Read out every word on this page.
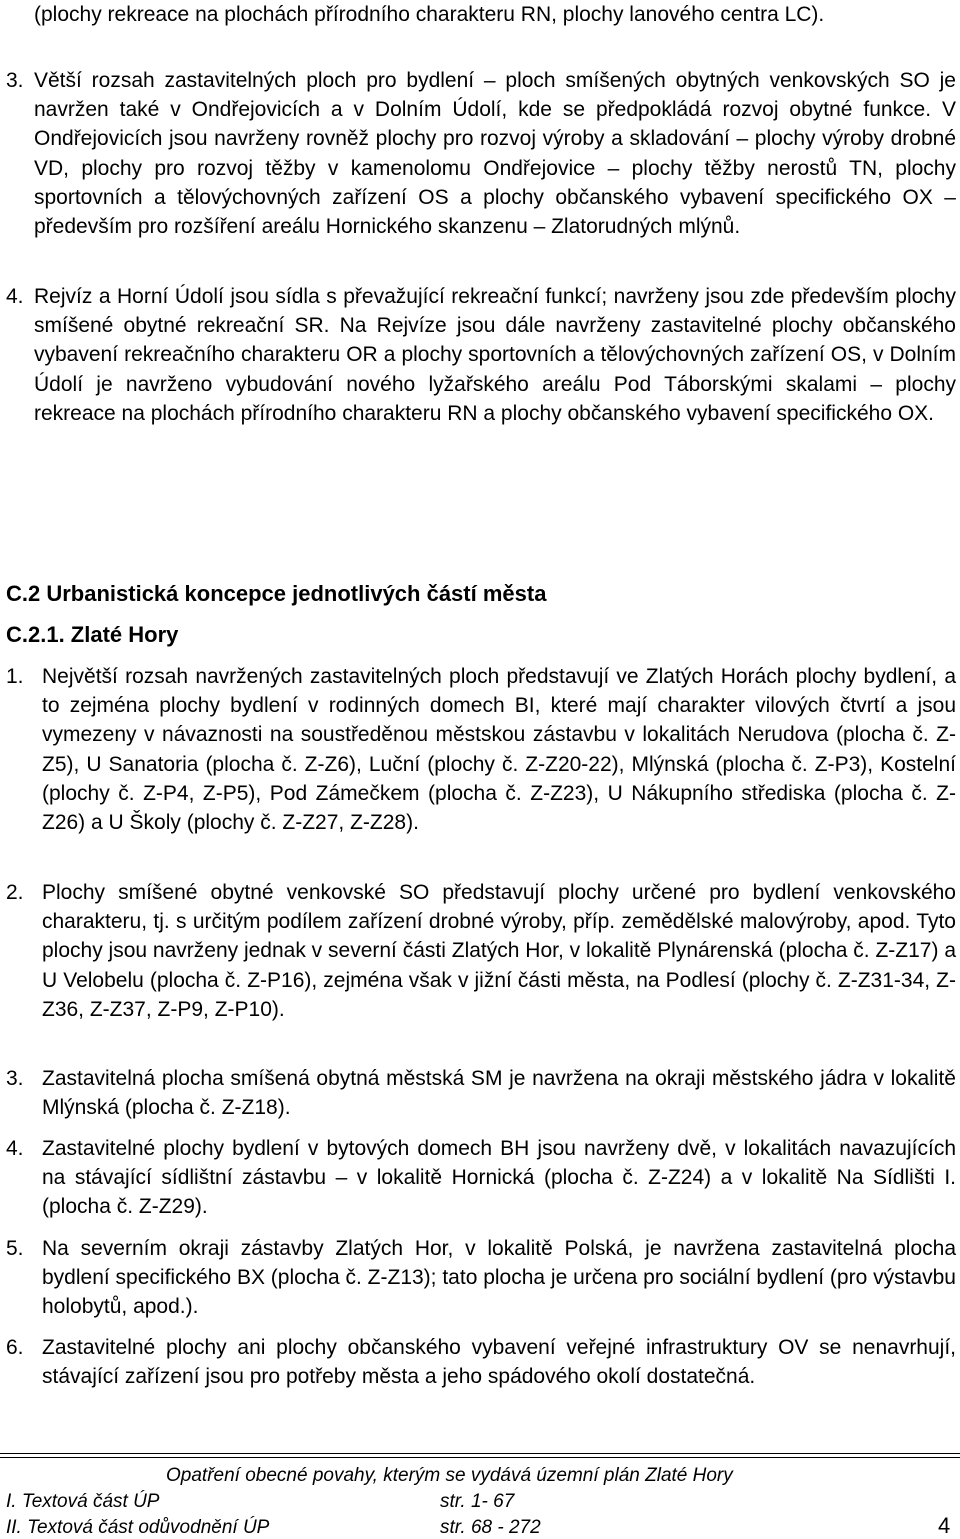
(plochy rekreace na plochách přírodního charakteru RN, plochy lanového centra LC).

3. Větší rozsah zastavitelných ploch pro bydlení – ploch smíšených obytných venkovských SO je navržen také v Ondřejovicích a v Dolním Údolí, kde se předpokládá rozvoj obytné funkce. V Ondřejovicích jsou navrženy rovněž plochy pro rozvoj výroby a skladování – plochy výroby drobné VD, plochy pro rozvoj těžby v kamenolomu Ondřejovice – plochy těžby nerostů TN, plochy sportovních a tělovýchovných zařízení OS a plochy občanského vybavení specifického OX – především pro rozšíření areálu Hornického skanzenu – Zlatorudných mlýnů.
4. Rejvíz a Horní Údolí jsou sídla s převažující rekreační funkcí; navrženy jsou zde především plochy smíšené obytné rekreační SR. Na Rejvíze jsou dále navrženy zastavitelné plochy občanského vybavení rekreačního charakteru OR a plochy sportovních a tělovýchovných zařízení OS, v Dolním Údolí je navrženo vybudování nového lyžařského areálu Pod Táborskými skalami – plochy rekreace na plochách přírodního charakteru RN a plochy občanského vybavení specifického OX.
C.2 Urbanistická koncepce jednotlivých částí města
C.2.1. Zlaté Hory
1. Největší rozsah navržených zastavitelných ploch představují ve Zlatých Horách plochy bydlení, a to zejména plochy bydlení v rodinných domech BI, které mají charakter vilových čtvrtí a jsou vymezeny v návaznosti na soustředěnou městskou zástavbu v lokalitách Nerudova (plocha č. Z-Z5), U Sanatoria (plocha č. Z-Z6), Luční (plochy č. Z-Z20-22), Mlýnská (plocha č. Z-P3), Kostelní (plochy č. Z-P4, Z-P5), Pod Zámečkem (plocha č. Z-Z23), U Nákupního střediska (plocha č. Z-Z26) a U Školy (plochy č. Z-Z27, Z-Z28).
2. Plochy smíšené obytné venkovské SO představují plochy určené pro bydlení venkovského charakteru, tj. s určitým podílem zařízení drobné výroby, příp. zemědělské malovýroby, apod. Tyto plochy jsou navrženy jednak v severní části Zlatých Hor, v lokalitě Plynárenská (plocha č. Z-Z17) a U Velobelu (plocha č. Z-P16), zejména však v jižní části města, na Podlesí (plochy č. Z-Z31-34, Z-Z36, Z-Z37, Z-P9, Z-P10).
3. Zastavitelná plocha smíšená obytná městská SM je navržena na okraji městského jádra v lokalitě Mlýnská (plocha č. Z-Z18).
4. Zastavitelné plochy bydlení v bytových domech BH jsou navrženy dvě, v lokalitách navazujících na stávající sídlištní zástavbu – v lokalitě Hornická (plocha č. Z-Z24) a v lokalitě Na Sídlišti I. (plocha č. Z-Z29).
5. Na severním okraji zástavby Zlatých Hor, v lokalitě Polská, je navržena zastavitelná plocha bydlení specifického BX (plocha č. Z-Z13); tato plocha je určena pro sociální bydlení (pro výstavbu holobytů, apod.).
6. Zastavitelné plochy ani plochy občanského vybavení veřejné infrastruktury OV se nenavrhují, stávající zařízení jsou pro potřeby města a jeho spádového okolí dostatečná.
Opatření obecné povahy, kterým se vydává územní plán Zlaté Hory
I. Textová část ÚP	str. 1- 67
II. Textová část odůvodnění ÚP	str. 68 - 272	4
